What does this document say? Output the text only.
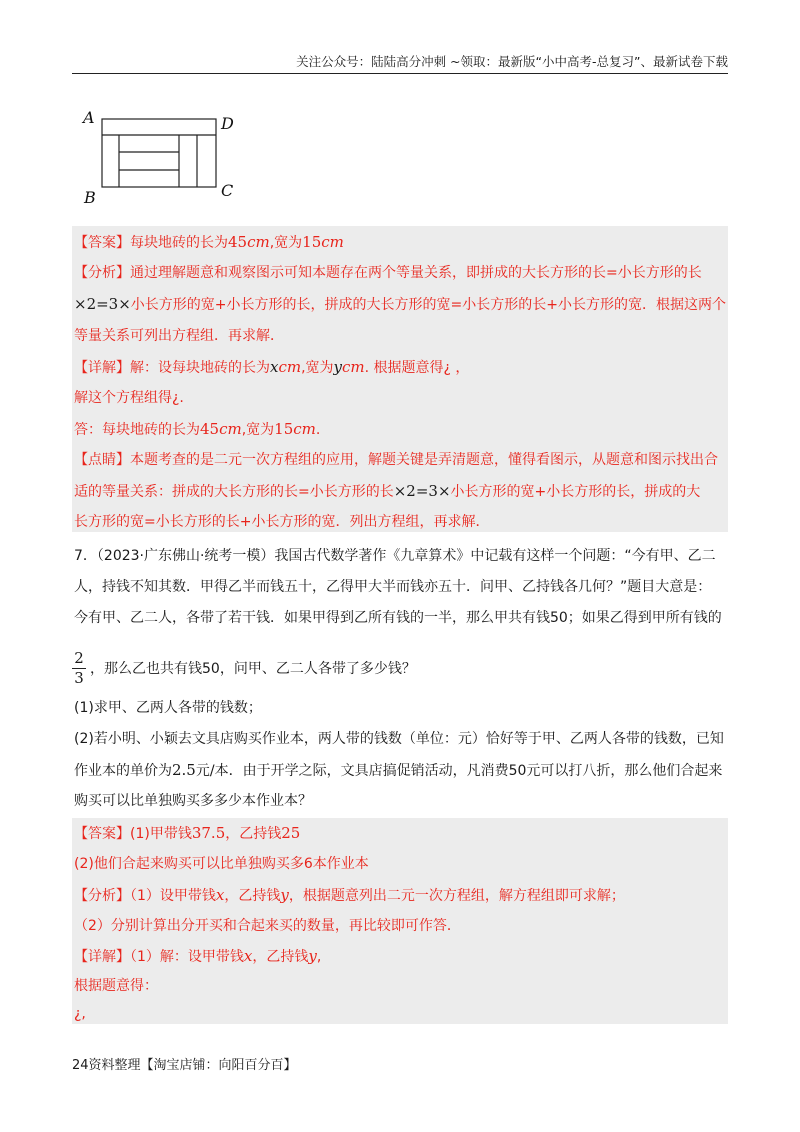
关注公众号：陆陆高分冲刺 ~领取：最新版“小中高考-总复习”、最新试卷下载
A	D
B	C
【答案】每块地砖的长为45cm,宽为15cm
【分析】通过理解题意和观察图示可知本题存在两个等量关系，即拼成的大长方形的长=小长方形的长
×2=3×小长方形的宽+小长方形的长，拼成的大长方形的宽=小长方形的长+小长方形的宽．根据这两个
等量关系可列出方程组．再求解．
【详解】解：设每块地砖的长为xcm,宽为ycm. 根据题意得¿ ，
解这个方程组得¿.
答：每块地砖的长为45cm,宽为15cm.
【点睛】本题考查的是二元一次方程组的应用，解题关键是弄清题意，懂得看图示，从题意和图示找出合
适的等量关系：拼成的大长方形的长=小长方形的长×2=3×小长方形的宽+小长方形的长，拼成的大
长方形的宽=小长方形的长+小长方形的宽．列出方程组，再求解．
7．（2023·广东佛山·统考一模）我国古代数学著作《九章算术》中记载有这样一个问题：“今有甲、乙二
人，持钱不知其数．甲得乙半而钱五十，乙得甲大半而钱亦五十．问甲、乙持钱各几何？”题目大意是：
今有甲、乙二人，各带了若干钱．如果甲得到乙所有钱的一半，那么甲共有钱50；如果乙得到甲所有钱的
2
3 ，那么乙也共有钱50，问甲、乙二人各带了多少钱？
(1)求甲、乙两人各带的钱数；
(2)若小明、小颖去文具店购买作业本，两人带的钱数（单位：元）恰好等于甲、乙两人各带的钱数，已知
作业本的单价为2.5元/本．由于开学之际，文具店搞促销活动，凡消费50元可以打八折，那么他们合起来
购买可以比单独购买多多少本作业本？
【答案】(1)甲带钱37.5，乙持钱25
(2)他们合起来购买可以比单独购买多6本作业本
【分析】（1）设甲带钱x，乙持钱y，根据题意列出二元一次方程组，解方程组即可求解；
（2）分别计算出分开买和合起来买的数量，再比较即可作答．
【详解】（1）解：设甲带钱x，乙持钱y,
根据题意得：
¿,
24资料整理【淘宝店铺：向阳百分百】
